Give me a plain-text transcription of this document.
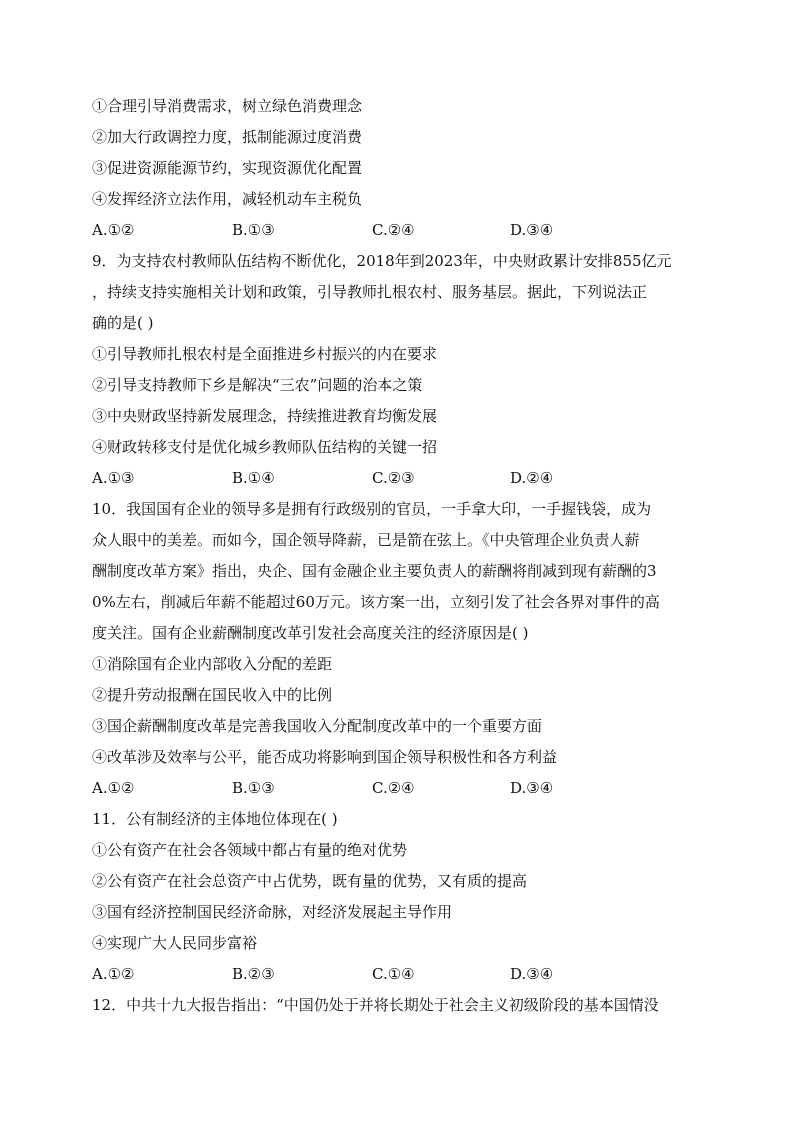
①合理引导消费需求，树立绿色消费理念
②加大行政调控力度，抵制能源过度消费
③促进资源能源节约，实现资源优化配置
④发挥经济立法作用，减轻机动车主税负
A.①②	B.①③	C.②④	D.③④
9．为支持农村教师队伍结构不断优化，2018年到2023年，中央财政累计安排855亿元
，持续支持实施相关计划和政策，引导教师扎根农村、服务基层。据此，下列说法正
确的是( )
①引导教师扎根农村是全面推进乡村振兴的内在要求
②引导支持教师下乡是解决“三农”问题的治本之策
③中央财政坚持新发展理念，持续推进教育均衡发展
④财政转移支付是优化城乡教师队伍结构的关键一招
A.①③	B.①④	C.②③	D.②④
10．我国国有企业的领导多是拥有行政级别的官员，一手拿大印，一手握钱袋，成为
众人眼中的美差。而如今，国企领导降薪，已是箭在弦上。《中央管理企业负责人薪
酬制度改革方案》指出，央企、国有金融企业主要负责人的薪酬将削减到现有薪酬的3
0%左右，削减后年薪不能超过60万元。该方案一出，立刻引发了社会各界对事件的高
度关注。国有企业薪酬制度改革引发社会高度关注的经济原因是( )
①消除国有企业内部收入分配的差距
②提升劳动报酬在国民收入中的比例
③国企薪酬制度改革是完善我国收入分配制度改革中的一个重要方面
④改革涉及效率与公平，能否成功将影响到国企领导积极性和各方利益
A.①②	B.①③	C.②④	D.③④
11．公有制经济的主体地位体现在( )
①公有资产在社会各领域中都占有量的绝对优势
②公有资产在社会总资产中占优势，既有量的优势，又有质的提高
③国有经济控制国民经济命脉，对经济发展起主导作用
④实现广大人民同步富裕
A.①②	B.②③	C.①④	D.③④
12．中共十九大报告指出：“中国仍处于并将长期处于社会主义初级阶段的基本国情没
